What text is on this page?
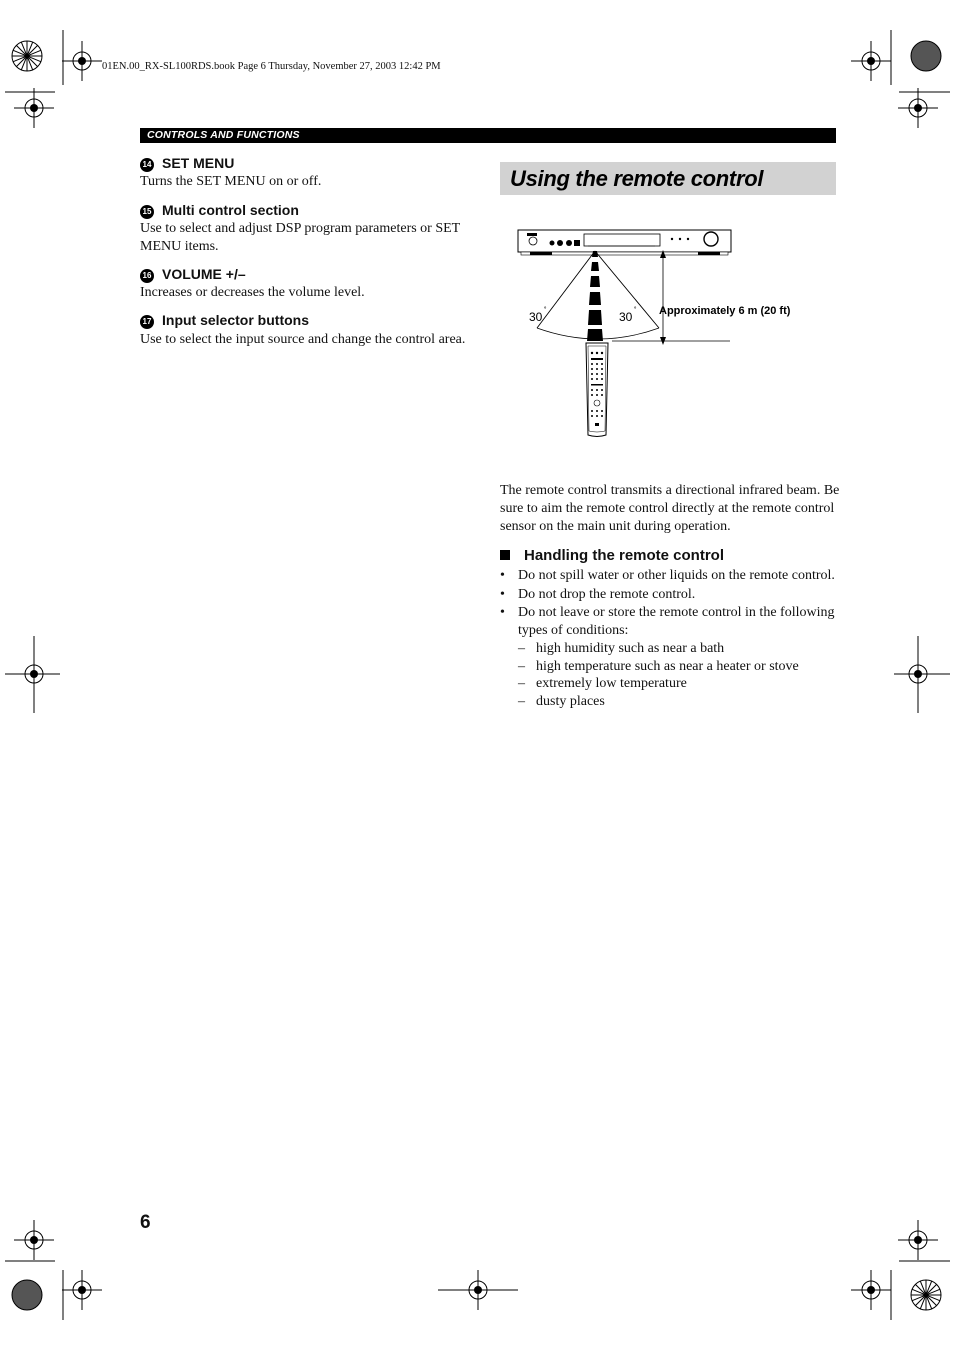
01EN.00_RX-SL100RDS.book Page 6 Thursday, November 27, 2003 12:42 PM
CONTROLS AND FUNCTIONS
14 SET MENU
Turns the SET MENU on or off.
15 Multi control section
Use to select and adjust DSP program parameters or SET MENU items.
16 VOLUME +/–
Increases or decreases the volume level.
17 Input selector buttons
Use to select the input source and change the control area.
Using the remote control
30 ˚	30 ˚ Approximately 6 m (20 ft)
The remote control transmits a directional infrared beam. Be sure to aim the remote control directly at the remote control sensor on the main unit during operation.
Handling the remote control
• Do not spill water or other liquids on the remote control.
• Do not drop the remote control.
• Do not leave or store the remote control in the following types of conditions:
– high humidity such as near a bath
– high temperature such as near a heater or stove
– extremely low temperature
– dusty places
6
